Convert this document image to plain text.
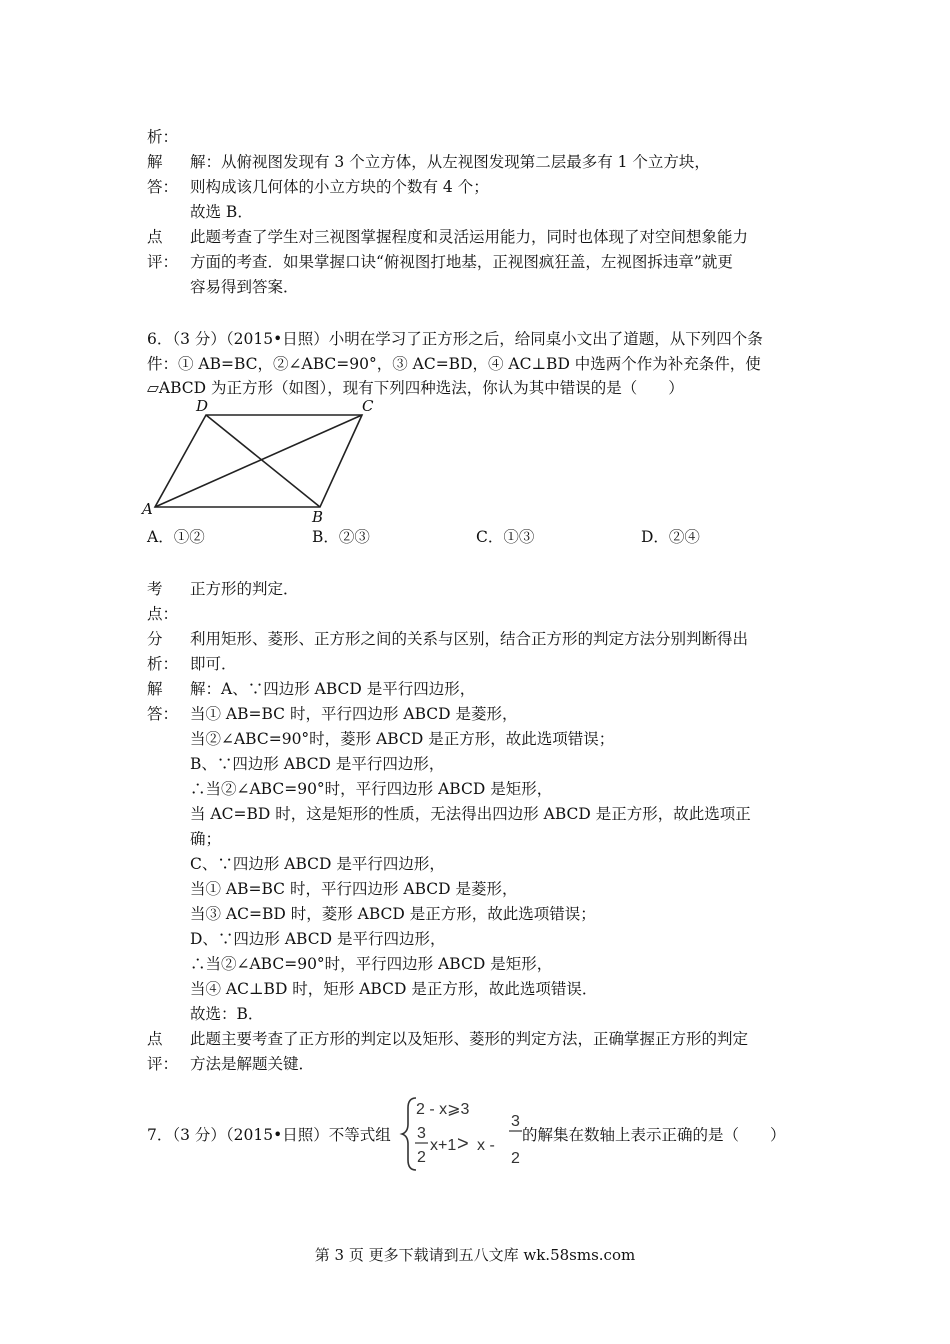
析：
解 解：从俯视图发现有 3 个立方体，从左视图发现第二层最多有 1 个立方块，
答： 则构成该几何体的小立方块的个数有 4 个；
故选 B．
点 此题考查了学生对三视图掌握程度和灵活运用能力，同时也体现了对空间想象能力
评： 方面的考查．如果掌握口诀“俯视图打地基，正视图疯狂盖，左视图拆违章”就更
容易得到答案．
6．（3 分）（2015•日照）小明在学习了正方形之后，给同桌小文出了道题，从下列四个条
件：① AB=BC，②∠ABC=90°，③ AC=BD，④ AC⊥BD 中选两个作为补充条件，使
▱ABCD 为正方形（如图），现有下列四种选法，你认为其中错误的是（　　）
D	C
A	B
A．①②	B．②③	C．①③	D．②④
考 正方形的判定．
点：
分 利用矩形、菱形、正方形之间的关系与区别，结合正方形的判定方法分别判断得出
析： 即可．
解
答：
解：A、∵四边形 ABCD 是平行四边形，
当① AB=BC 时，平行四边形 ABCD 是菱形，
当②∠ABC=90°时，菱形 ABCD 是正方形，故此选项错误；
B、∵四边形 ABCD 是平行四边形，
∴当②∠ABC=90°时，平行四边形 ABCD 是矩形，
当 AC=BD 时，这是矩形的性质，无法得出四边形 ABCD 是正方形，故此选项正
确；
C、∵四边形 ABCD 是平行四边形，
当① AB=BC 时，平行四边形 ABCD 是菱形，
当③ AC=BD 时，菱形 ABCD 是正方形，故此选项错误；
D、∵四边形 ABCD 是平行四边形，
∴当②∠ABC=90°时，平行四边形 ABCD 是矩形，
当④ AC⊥BD 时，矩形 ABCD 是正方形，故此选项错误．
故选：B．
点 此题主要考查了正方形的判定以及矩形、菱形的判定方法，正确掌握正方形的判定
评： 方法是解题关键．
7．（3 分）（2015•日照）不等式组
2 - x⩾3
3
2
x+1 > x -
3
2
的解集在数轴上表示正确的是（　　）
第 3 页 更多下载请到五八文库 wk.58sms.com
